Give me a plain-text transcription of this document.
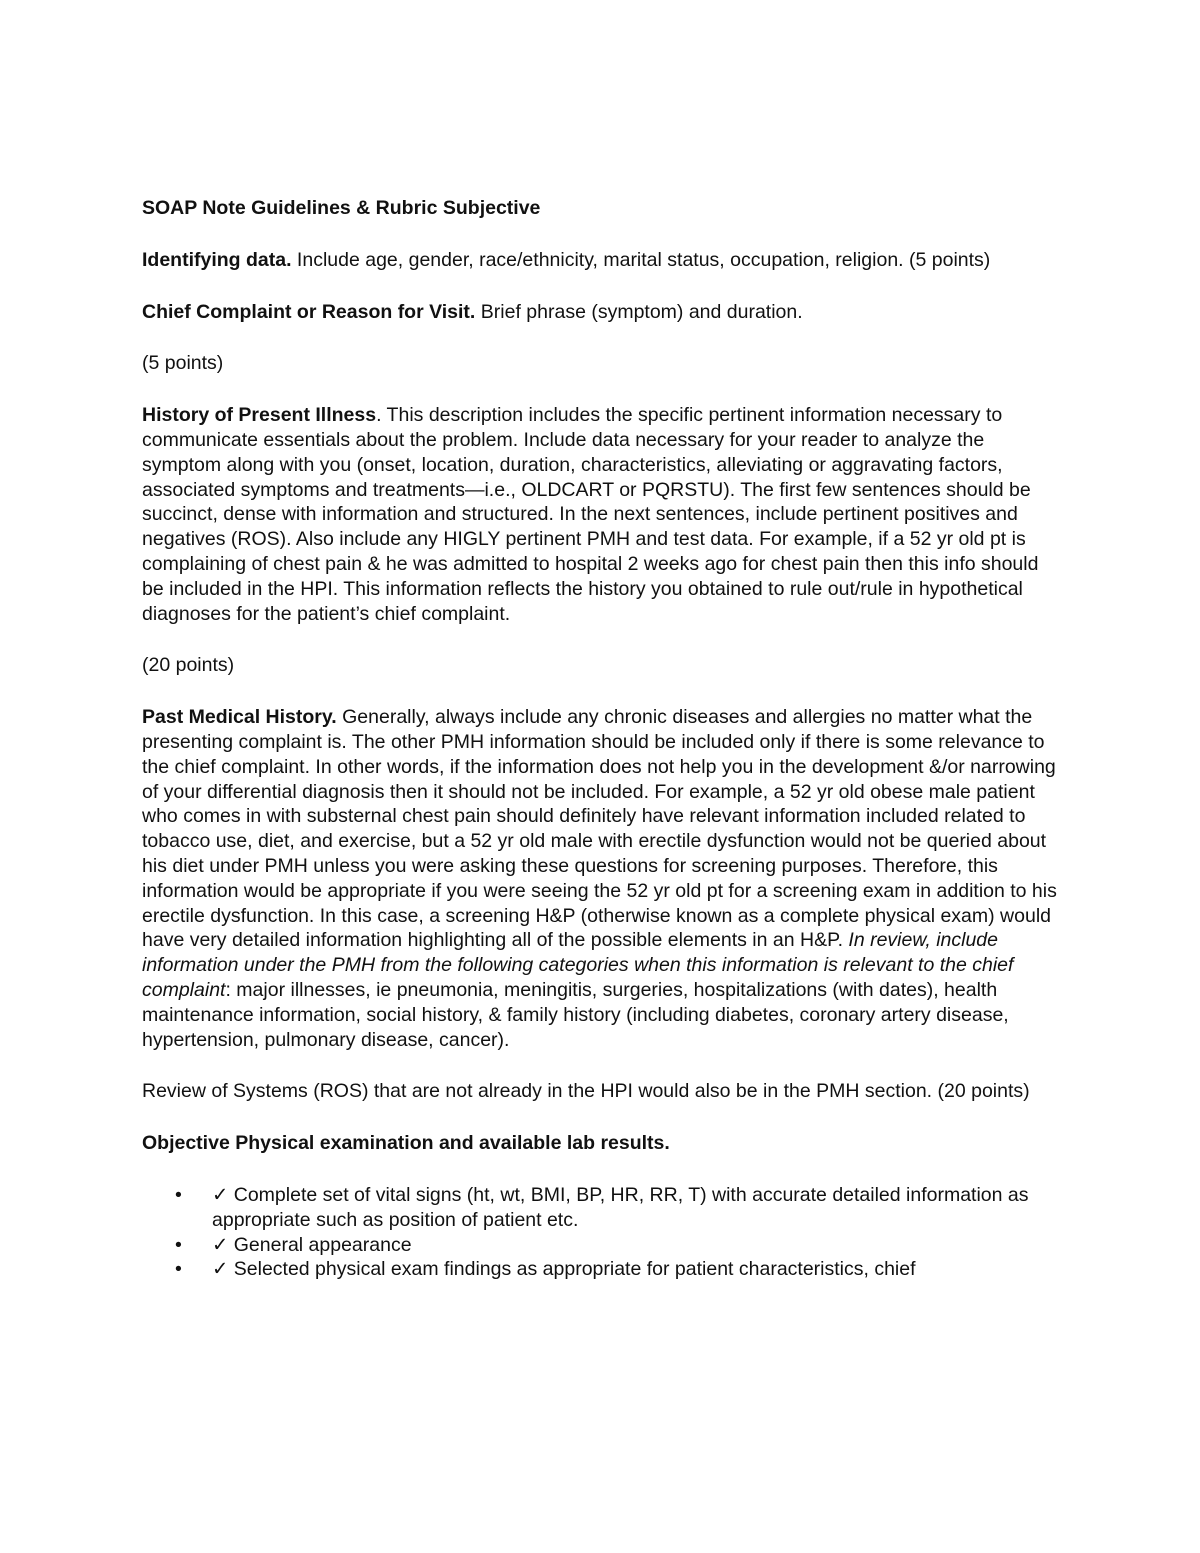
SOAP Note Guidelines & Rubric Subjective
Identifying data. Include age, gender, race/ethnicity, marital status, occupation, religion. (5 points)
Chief Complaint or Reason for Visit. Brief phrase (symptom) and duration.
(5 points)
History of Present Illness. This description includes the specific pertinent information necessary to communicate essentials about the problem. Include data necessary for your reader to analyze the symptom along with you (onset, location, duration, characteristics, alleviating or aggravating factors, associated symptoms and treatments—i.e., OLDCART or PQRSTU). The first few sentences should be succinct, dense with information and structured. In the next sentences, include pertinent positives and negatives (ROS). Also include any HIGLY pertinent PMH and test data. For example, if a 52 yr old pt is complaining of chest pain & he was admitted to hospital 2 weeks ago for chest pain then this info should be included in the HPI. This information reflects the history you obtained to rule out/rule in hypothetical diagnoses for the patient’s chief complaint.
(20 points)
Past Medical History. Generally, always include any chronic diseases and allergies no matter what the presenting complaint is. The other PMH information should be included only if there is some relevance to the chief complaint. In other words, if the information does not help you in the development &/or narrowing of your differential diagnosis then it should not be included. For example, a 52 yr old obese male patient who comes in with substernal chest pain should definitely have relevant information included related to tobacco use, diet, and exercise, but a 52 yr old male with erectile dysfunction would not be queried about his diet under PMH unless you were asking these questions for screening purposes. Therefore, this information would be appropriate if you were seeing the 52 yr old pt for a screening exam in addition to his erectile dysfunction. In this case, a screening H&P (otherwise known as a complete physical exam) would have very detailed information highlighting all of the possible elements in an H&P. In review, include information under the PMH from the following categories when this information is relevant to the chief complaint: major illnesses, ie pneumonia, meningitis, surgeries, hospitalizations (with dates), health maintenance information, social history, & family history (including diabetes, coronary artery disease, hypertension, pulmonary disease, cancer).
Review of Systems (ROS) that are not already in the HPI would also be in the PMH section. (20 points)
Objective Physical examination and available lab results.
• ✓ Complete set of vital signs (ht, wt, BMI, BP, HR, RR, T) with accurate detailed information as appropriate such as position of patient etc.
• ✓ General appearance
• ✓ Selected physical exam findings as appropriate for patient characteristics, chief
